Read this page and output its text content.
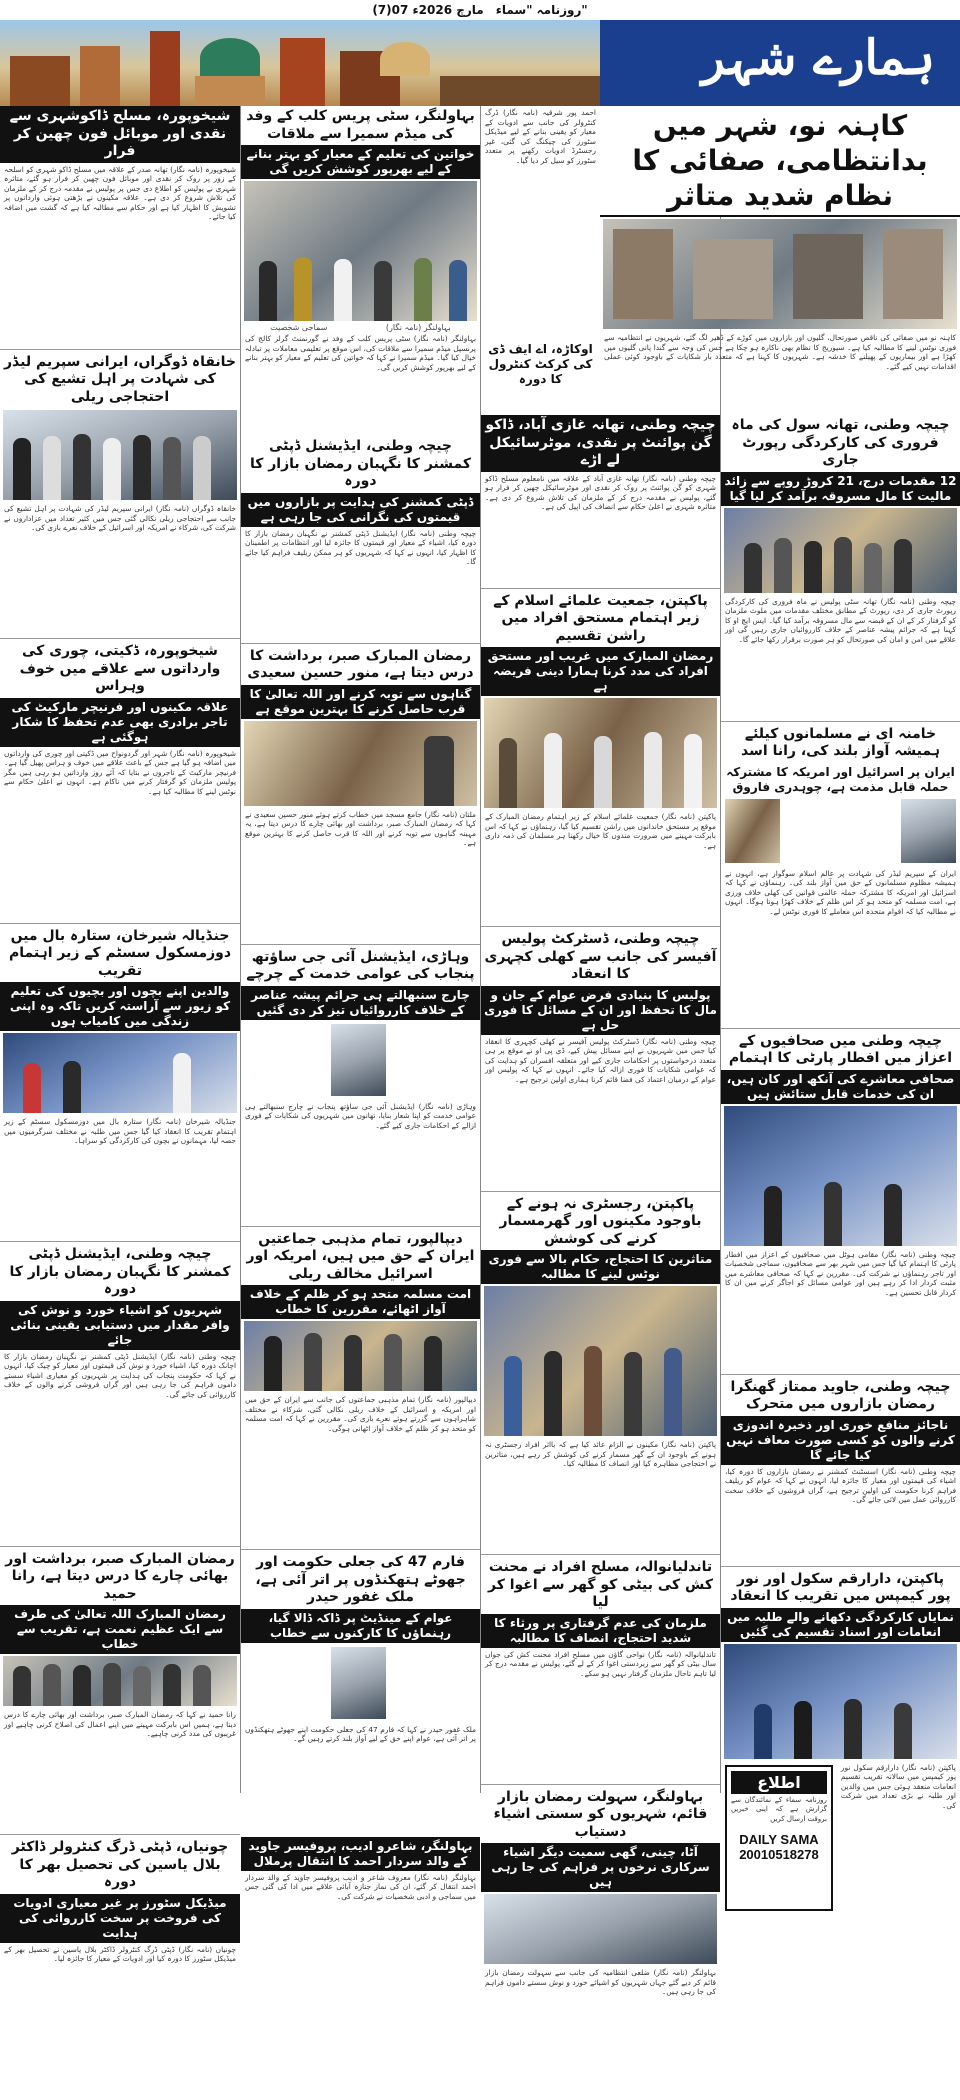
(7)07 مارچ 2026ء روزنامہ "سماء"
ہمارے شہر
کاہنہ نو، شہر میں بدانتظامی، صفائی کا نظام شدید متاثر
کاہنہ نو میں صفائی کی ناقص صورتحال، گلیوں اور بازاروں میں کوڑے کے ڈھیر لگ گئے، شہریوں نے انتظامیہ سے فوری نوٹس لینے کا مطالبہ کیا ہے۔ سیوریج کا نظام بھی ناکارہ ہو چکا ہے جس کی وجہ سے گندا پانی گلیوں میں کھڑا ہے اور بیماریوں کے پھیلنے کا خدشہ ہے۔ شہریوں کا کہنا ہے کہ متعدد بار شکایات کے باوجود کوئی عملی اقدامات نہیں کیے گئے۔
چیچہ وطنی، تھانہ سول کی ماہ فروری کی کارکردگی رپورٹ جاری
12 مقدمات درج، 21 کروڑ روپے سے زائد مالیت کا مال مسروقہ برآمد کر لیا گیا
چیچہ وطنی (نامہ نگار) تھانہ سٹی پولیس نے ماہ فروری کی کارکردگی رپورٹ جاری کر دی، رپورٹ کے مطابق مختلف مقدمات میں ملوث ملزمان کو گرفتار کر کے ان کے قبضہ سے مال مسروقہ برآمد کیا گیا۔ ایس ایچ او کا کہنا ہے کہ جرائم پیشہ عناصر کے خلاف کارروائیاں جاری رہیں گی اور علاقے میں امن و امان کی صورتحال کو ہر صورت برقرار رکھا جائے گا۔
خامنہ ای نے مسلمانوں کیلئے ہمیشہ آواز بلند کی، رانا اسد
ایران پر اسرائیل اور امریکہ کا مشترکہ حملہ قابل مذمت ہے، چوہدری فاروق
ایران کے سپریم لیڈر کی شہادت پر عالم اسلام سوگوار ہے، انہوں نے ہمیشہ مظلوم مسلمانوں کے حق میں آواز بلند کی۔ رہنماؤں نے کہا کہ اسرائیل اور امریکہ کا مشترکہ حملہ عالمی قوانین کی کھلی خلاف ورزی ہے، امت مسلمہ کو متحد ہو کر اس ظلم کے خلاف کھڑا ہونا ہوگا۔ انہوں نے مطالبہ کیا کہ اقوام متحدہ اس معاملے کا فوری نوٹس لے۔
چیچہ وطنی میں صحافیوں کے اعزاز میں افطار پارٹی کا اہتمام
صحافی معاشرے کی آنکھ اور کان ہیں، ان کی خدمات قابل ستائش ہیں
چیچہ وطنی (نامہ نگار) مقامی ہوٹل میں صحافیوں کے اعزاز میں افطار پارٹی کا اہتمام کیا گیا جس میں شہر بھر سے صحافیوں، سماجی شخصیات اور تاجر رہنماؤں نے شرکت کی۔ مقررین نے کہا کہ صحافی معاشرے میں مثبت کردار ادا کر رہے ہیں اور عوامی مسائل کو اجاگر کرنے میں ان کا کردار قابل تحسین ہے۔
چیچہ وطنی، جاوید ممتاز گھنگرا رمضان بازاروں میں متحرک
ناجائز منافع خوری اور ذخیرہ اندوزی کرنے والوں کو کسی صورت معاف نہیں کیا جائے گا
چیچہ وطنی (نامہ نگار) اسسٹنٹ کمشنر نے رمضان بازاروں کا دورہ کیا، اشیاء کی قیمتوں اور معیار کا جائزہ لیا، انہوں نے کہا کہ عوام کو ریلیف فراہم کرنا حکومت کی اولین ترجیح ہے، گراں فروشوں کے خلاف سخت کارروائی عمل میں لائی جائے گی۔
پاکپتن، دارارقم سکول اور نور پور کیمپس میں تقریب کا انعقاد
نمایاں کارکردگی دکھانے والے طلبہ میں انعامات اور اسناد تقسیم کی گئیں
پاکپتن (نامہ نگار) دارارقم سکول نور پور کیمپس میں سالانہ تقریب تقسیم انعامات منعقد ہوئی جس میں والدین اور طلبہ نے بڑی تعداد میں شرکت کی۔
اطلاع
روزنامہ سماء کے نمائندگان سے گزارش ہے کہ اپنی خبریں بروقت ارسال کریں
DAILY SAMA
20010518278
احمد پور شرقیہ (نامہ نگار) ڈرگ کنٹرولر کی جانب سے ادویات کے معیار کو یقینی بنانے کے لیے میڈیکل سٹورز کی چیکنگ کی گئی، غیر رجسٹرڈ ادویات رکھنے پر متعدد سٹورز کو سیل کر دیا گیا۔
اوکاڑہ، اے ایف ڈی کی کرکٹ کنٹرول کا دورہ
چیچہ وطنی، تھانہ غازی آباد، ڈاکو گن پوائنٹ پر نقدی، موٹرسائیکل لے اڑے
چیچہ وطنی (نامہ نگار) تھانہ غازی آباد کے علاقہ میں نامعلوم مسلح ڈاکو شہری کو گن پوائنٹ پر روک کر نقدی اور موٹرسائیکل چھین کر فرار ہو گئے، پولیس نے مقدمہ درج کر کے ملزمان کی تلاش شروع کر دی ہے۔ متاثرہ شہری نے اعلیٰ حکام سے انصاف کی اپیل کی ہے۔
پاکپتن، جمعیت علمائے اسلام کے زیر اہتمام مستحق افراد میں راشن تقسیم
رمضان المبارک میں غریب اور مستحق افراد کی مدد کرنا ہمارا دینی فریضہ ہے
پاکپتن (نامہ نگار) جمعیت علمائے اسلام کے زیر اہتمام رمضان المبارک کے موقع پر مستحق خاندانوں میں راشن تقسیم کیا گیا، رہنماؤں نے کہا کہ اس بابرکت مہینے میں ضرورت مندوں کا خیال رکھنا ہر مسلمان کی ذمہ داری ہے۔
چیچہ وطنی، ڈسٹرکٹ پولیس آفیسر کی جانب سے کھلی کچہری کا انعقاد
پولیس کا بنیادی فرض عوام کے جان و مال کا تحفظ اور ان کے مسائل کا فوری حل ہے
چیچہ وطنی (نامہ نگار) ڈسٹرکٹ پولیس آفیسر نے کھلی کچہری کا انعقاد کیا جس میں شہریوں نے اپنے مسائل پیش کیے، ڈی پی او نے موقع پر ہی متعدد درخواستوں پر احکامات جاری کیے اور متعلقہ افسران کو ہدایت کی کہ عوامی شکایات کا فوری ازالہ کیا جائے۔ انہوں نے کہا کہ پولیس اور عوام کے درمیان اعتماد کی فضا قائم کرنا ہماری اولین ترجیح ہے۔
پاکپتن، رجسٹری نہ ہونے کے باوجود مکینوں اور گھرمسمار کرنے کی کوشش
متاثرین کا احتجاج، حکام بالا سے فوری نوٹس لینے کا مطالبہ
پاکپتن (نامہ نگار) مکینوں نے الزام عائد کیا ہے کہ بااثر افراد رجسٹری نہ ہونے کے باوجود ان کے گھر مسمار کرنے کی کوشش کر رہے ہیں، متاثرین نے احتجاجی مظاہرہ کیا اور انصاف کا مطالبہ کیا۔
تاندلیانوالہ، مسلح افراد نے محنت کش کی بیٹی کو گھر سے اغوا کر لیا
ملزمان کی عدم گرفتاری پر ورثاء کا شدید احتجاج، انصاف کا مطالبہ
تاندلیانوالہ (نامہ نگار) نواحی گاؤں میں مسلح افراد محنت کش کی جواں سال بیٹی کو گھر سے زبردستی اغوا کر کے لے گئے، پولیس نے مقدمہ درج کر لیا تاہم تاحال ملزمان گرفتار نہیں ہو سکے۔
بہاولنگر، سہولت رمضان بازار قائم، شہریوں کو سستی اشیاء دستیاب
آٹا، چینی، گھی سمیت دیگر اشیاء سرکاری نرخوں پر فراہم کی جا رہی ہیں
بہاولنگر (نامہ نگار) ضلعی انتظامیہ کی جانب سے سہولت رمضان بازار قائم کر دیے گئے جہاں شہریوں کو اشیائے خورد و نوش سستے داموں فراہم کی جا رہی ہیں۔
بہاولنگر، سٹی پریس کلب کے وفد کی میڈم سمیرا سے ملاقات
خواتین کی تعلیم کے معیار کو بہتر بنانے کے لیے بھرپور کوشش کریں گی
سماجی شخصیت	بہاولنگر (نامہ نگار)
بہاولنگر (نامہ نگار) سٹی پریس کلب کے وفد نے گورنمنٹ گرلز کالج کی پرنسپل میڈم سمیرا سے ملاقات کی، اس موقع پر تعلیمی معاملات پر تبادلہ خیال کیا گیا۔ میڈم سمیرا نے کہا کہ خواتین کی تعلیم کے معیار کو بہتر بنانے کے لیے بھرپور کوشش کریں گی۔
چیچہ وطنی، ایڈیشنل ڈپٹی کمشنر کا نگہبان رمضان بازار کا دورہ
ڈپٹی کمشنر کی ہدایت پر بازاروں میں قیمتوں کی نگرانی کی جا رہی ہے
چیچہ وطنی (نامہ نگار) ایڈیشنل ڈپٹی کمشنر نے نگہبان رمضان بازار کا دورہ کیا، اشیاء کے معیار اور قیمتوں کا جائزہ لیا اور انتظامات پر اطمینان کا اظہار کیا، انہوں نے کہا کہ شہریوں کو ہر ممکن ریلیف فراہم کیا جائے گا۔
رمضان المبارک صبر، برداشت کا درس دیتا ہے، منور حسین سعیدی
گناہوں سے توبہ کرنے اور اللہ تعالیٰ کا قرب حاصل کرنے کا بہترین موقع ہے
ملتان (نامہ نگار) جامع مسجد میں خطاب کرتے ہوئے منور حسین سعیدی نے کہا کہ رمضان المبارک صبر، برداشت اور بھائی چارے کا درس دیتا ہے، یہ مہینہ گناہوں سے توبہ کرنے اور اللہ کا قرب حاصل کرنے کا بہترین موقع ہے۔
وہاڑی، ایڈیشنل آئی جی ساؤتھ پنجاب کی عوامی خدمت کے چرچے
چارج سنبھالتے ہی جرائم پیشہ عناصر کے خلاف کارروائیاں تیز کر دی گئیں
وہاڑی (نامہ نگار) ایڈیشنل آئی جی ساؤتھ پنجاب نے چارج سنبھالتے ہی عوامی خدمت کو اپنا شعار بنایا، تھانوں میں شہریوں کی شکایات کے فوری ازالے کے احکامات جاری کیے گئے۔
دیپالپور، تمام مذہبی جماعتیں ایران کے حق میں ہیں، امریکہ اور اسرائیل مخالف ریلی
امت مسلمہ متحد ہو کر ظلم کے خلاف آواز اٹھائے، مقررین کا خطاب
دیپالپور (نامہ نگار) تمام مذہبی جماعتوں کی جانب سے ایران کے حق میں اور امریکہ و اسرائیل کے خلاف ریلی نکالی گئی، شرکاء نے مختلف شاہراہوں سے گزرتے ہوئے نعرے بازی کی۔ مقررین نے کہا کہ امت مسلمہ کو متحد ہو کر ظلم کے خلاف آواز اٹھانی ہوگی۔
فارم 47 کی جعلی حکومت اور جھوٹے ہتھکنڈوں پر اتر آئی ہے، ملک غفور حیدر
عوام کے مینڈیٹ پر ڈاکہ ڈالا گیا، رہنماؤں کا کارکنوں سے خطاب
ملک غفور حیدر نے کہا کہ فارم 47 کی جعلی حکومت اپنے جھوٹے ہتھکنڈوں پر اتر آئی ہے، عوام اپنے حق کے لیے آواز بلند کرتے رہیں گے۔
بہاولنگر، شاعرو ادیب، پروفیسر جاوید کے والد سردار احمد کا انتقال پرملال
بہاولنگر (نامہ نگار) معروف شاعر و ادیب پروفیسر جاوید کے والد سردار احمد انتقال کر گئے، ان کی نماز جنازہ آبائی علاقے میں ادا کی گئی جس میں سماجی و ادبی شخصیات نے شرکت کی۔
شیخوپورہ، مسلح ڈاکوشہری سے نقدی اور موبائل فون چھین کر فرار
شیخوپورہ (نامہ نگار) تھانہ صدر کے علاقہ میں مسلح ڈاکو شہری کو اسلحہ کے زور پر روک کر نقدی اور موبائل فون چھین کر فرار ہو گئے، متاثرہ شہری نے پولیس کو اطلاع دی جس پر پولیس نے مقدمہ درج کر کے ملزمان کی تلاش شروع کر دی ہے۔ علاقہ مکینوں نے بڑھتی ہوئی وارداتوں پر تشویش کا اظہار کیا ہے اور حکام سے مطالبہ کیا ہے کہ گشت میں اضافہ کیا جائے۔
خانقاہ ڈوگراں، ایرانی سپریم لیڈر کی شہادت پر اہل تشیع کی احتجاجی ریلی
خانقاہ ڈوگراں (نامہ نگار) ایرانی سپریم لیڈر کی شہادت پر اہل تشیع کی جانب سے احتجاجی ریلی نکالی گئی جس میں کثیر تعداد میں عزاداروں نے شرکت کی، شرکاء نے امریکہ اور اسرائیل کے خلاف نعرے بازی کی۔
شیخوپورہ، ڈکیتی، چوری کی وارداتوں سے علاقے میں خوف وہراس
علاقہ مکینوں اور فرنیچر مارکیٹ کی تاجر برادری بھی عدم تحفظ کا شکار ہوگئی ہے
شیخوپورہ (نامہ نگار) شہر اور گردونواح میں ڈکیتی اور چوری کی وارداتوں میں اضافہ ہو گیا ہے جس کے باعث علاقے میں خوف و ہراس پھیل گیا ہے۔ فرنیچر مارکیٹ کے تاجروں نے بتایا کہ آئے روز وارداتیں ہو رہی ہیں مگر پولیس ملزمان کو گرفتار کرنے میں ناکام ہے۔ انہوں نے اعلیٰ حکام سے نوٹس لینے کا مطالبہ کیا ہے۔
جنڈیالہ شیرخان، ستارہ بال میں دوزمسکول سسٹم کے زیر اہتمام تقریب
والدین اپنے بچوں اور بچیوں کی تعلیم کو زیور سے آراستہ کریں تاکہ وہ اپنی زندگی میں کامیاب ہوں
جنڈیالہ شیرخان (نامہ نگار) ستارہ بال میں دوزمسکول سسٹم کے زیر اہتمام تقریب کا انعقاد کیا گیا جس میں طلبہ نے مختلف سرگرمیوں میں حصہ لیا، مہمانوں نے بچوں کی کارکردگی کو سراہا۔
چیچہ وطنی، ایڈیشنل ڈپٹی کمشنر کا نگہبان رمضان بازار کا دورہ
شہریوں کو اشیاء خورد و نوش کی وافر مقدار میں دستیابی یقینی بنائی جائے
چیچہ وطنی (نامہ نگار) ایڈیشنل ڈپٹی کمشنر نے نگہبان رمضان بازار کا اچانک دورہ کیا، اشیاء خورد و نوش کی قیمتوں اور معیار کو چیک کیا، انہوں نے کہا کہ حکومت پنجاب کی ہدایت پر شہریوں کو معیاری اشیاء سستے داموں فراہم کی جا رہی ہیں اور گراں فروشی کرنے والوں کے خلاف کارروائی کی جائے گی۔
رمضان المبارک صبر، برداشت اور بھائی چارے کا درس دیتا ہے، رانا حمید
رمضان المبارک اللہ تعالیٰ کی طرف سے ایک عظیم نعمت ہے، تقریب سے خطاب
رانا حمید نے کہا کہ رمضان المبارک صبر، برداشت اور بھائی چارے کا درس دیتا ہے، ہمیں اس بابرکت مہینے میں اپنے اعمال کی اصلاح کرنی چاہیے اور غریبوں کی مدد کرنی چاہیے۔
چونیاں، ڈپٹی ڈرگ کنٹرولر ڈاکٹر بلال یاسین کی تحصیل بھر کا دورہ
میڈیکل سٹورز پر غیر معیاری ادویات کی فروخت پر سخت کارروائی کی ہدایت
چونیاں (نامہ نگار) ڈپٹی ڈرگ کنٹرولر ڈاکٹر بلال یاسین نے تحصیل بھر کے میڈیکل سٹورز کا دورہ کیا اور ادویات کے معیار کا جائزہ لیا۔
